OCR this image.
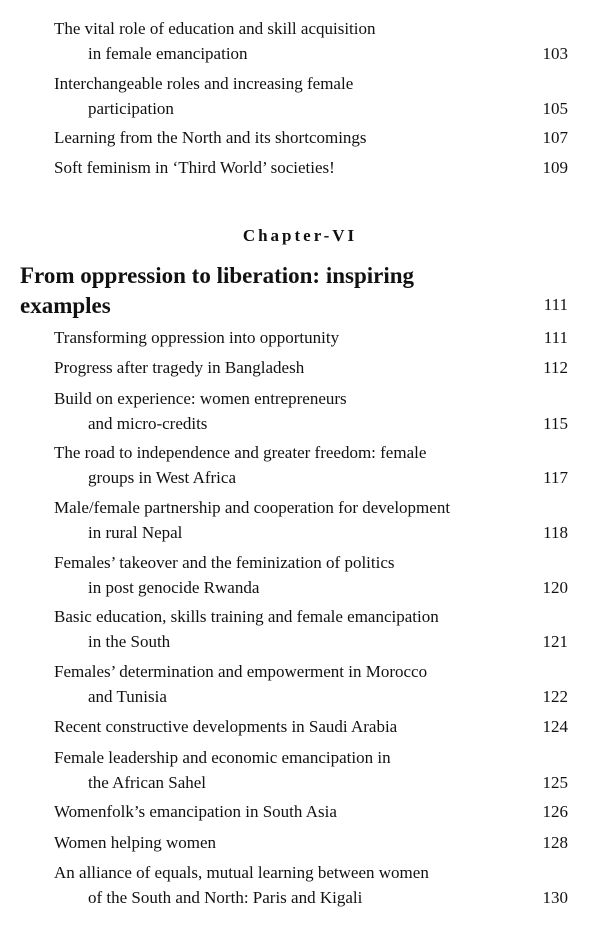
The vital role of education and skill acquisition
in female emancipation	103
Interchangeable roles and increasing female
participation	105
Learning from the North and its shortcomings	107
Soft feminism in ‘Third World’ societies!	109
Chapter-VI
From oppression to liberation: inspiring
examples	111
Transforming oppression into opportunity	111
Progress after tragedy in Bangladesh	112
Build on experience: women entrepreneurs
and micro-credits	115
The road to independence and greater freedom: female
groups in West Africa	117
Male/female partnership and cooperation for development
in rural Nepal	118
Females’ takeover and the feminization of politics
in post genocide Rwanda	120
Basic education, skills training and female emancipation
in the South	121
Females’ determination and empowerment in Morocco
and Tunisia	122
Recent constructive developments in Saudi Arabia	124
Female leadership and economic emancipation in
the African Sahel	125
Womenfolk’s emancipation in South Asia	126
Women helping women	128
An alliance of equals, mutual learning between women
of the South and North: Paris and Kigali	130
